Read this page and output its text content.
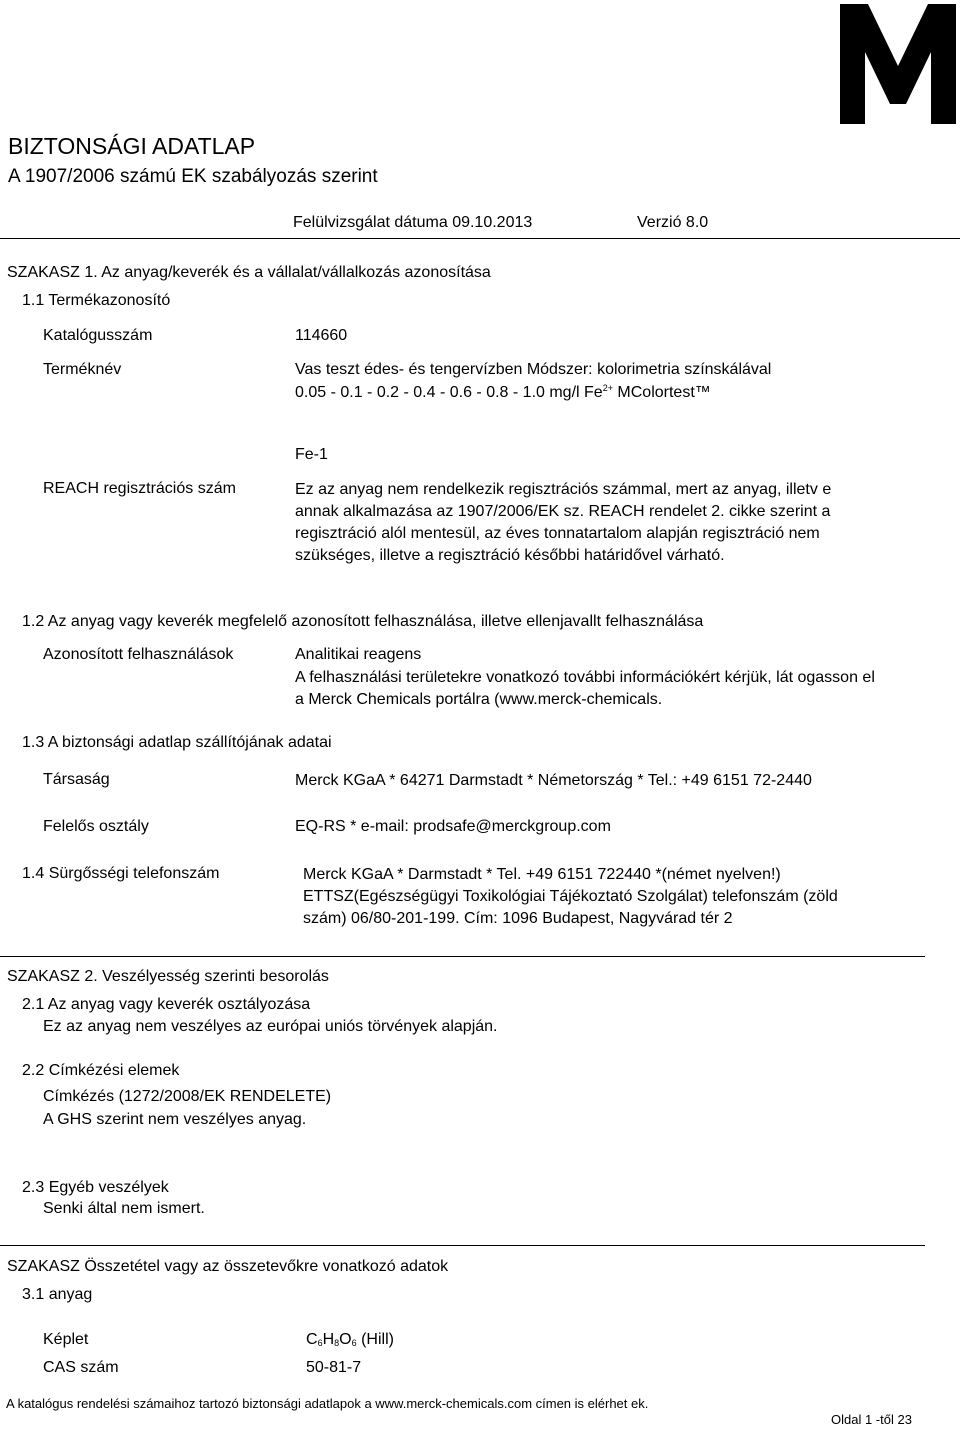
BIZTONSÁGI ADATLAP
A 1907/2006 számú EK szabályozás szerint
Felülvizsgálat dátuma 09.10.2013	Verzió 8.0
SZAKASZ 1. Az anyag/keverék és a vállalat/vállalkozás azonosítása
1.1 Termékazonosító
Katalógusszám	114660
Terméknév	Vas teszt édes- és tengervízben Módszer: kolorimetria színskálával
0.05 - 0.1 - 0.2 - 0.4 - 0.6 - 0.8 - 1.0 mg/l $Fe^{2+}$ MColortest™
Fe-1
REACH regisztrációs szám	Ez az anyag nem rendelkezik regisztrációs számmal, mert az anyag, illetv e annak alkalmazása az 1907/2006/EK sz. REACH rendelet 2. cikke szerint a regisztráció alól mentesül, az éves tonnatartalom alapján regisztráció nem szükséges, illetve a regisztráció későbbi határidővel várható.
1.2 Az anyag vagy keverék megfelelő azonosított felhasználása, illetve ellenjavallt felhasználása
Azonosított felhasználások	Analitikai reagens
A felhasználási területekre vonatkozó további információkért kérjük, lát ogasson el a Merck Chemicals portálra (www.merck-chemicals.
1.3 A biztonsági adatlap szállítójának adatai
Társaság	Merck KGaA * 64271 Darmstadt * Németország * Tel.: +49 6151 72-2440
Felelős osztály	EQ-RS * e-mail: prodsafe@merckgroup.com
1.4 Sürgősségi telefonszám	Merck KGaA * Darmstadt * Tel. +49 6151 722440 *(német nyelven!) ETTSZ(Egészségügyi Toxikológiai Tájékoztató Szolgálat) telefonszám (zöld szám) 06/80-201-199. Cím: 1096 Budapest, Nagyvárad tér 2
SZAKASZ 2. Veszélyesség szerinti besorolás
2.1 Az anyag vagy keverék osztályozása
Ez az anyag nem veszélyes az európai uniós törvények alapján.
2.2 Címkézési elemek
Címkézés (1272/2008/EK RENDELETE)
A GHS szerint nem veszélyes anyag.
2.3 Egyéb veszélyek
Senki által nem ismert.
SZAKASZ Összetétel vagy az összetevőkre vonatkozó adatok
3.1 anyag
Képlet	$C_6H_8O_6$ (Hill)
CAS szám	50-81-7
A katalógus rendelési számaihoz tartozó biztonsági adatlapok a www.merck-chemicals.com címen is elérhet ek.
Oldal 1 -től 23
